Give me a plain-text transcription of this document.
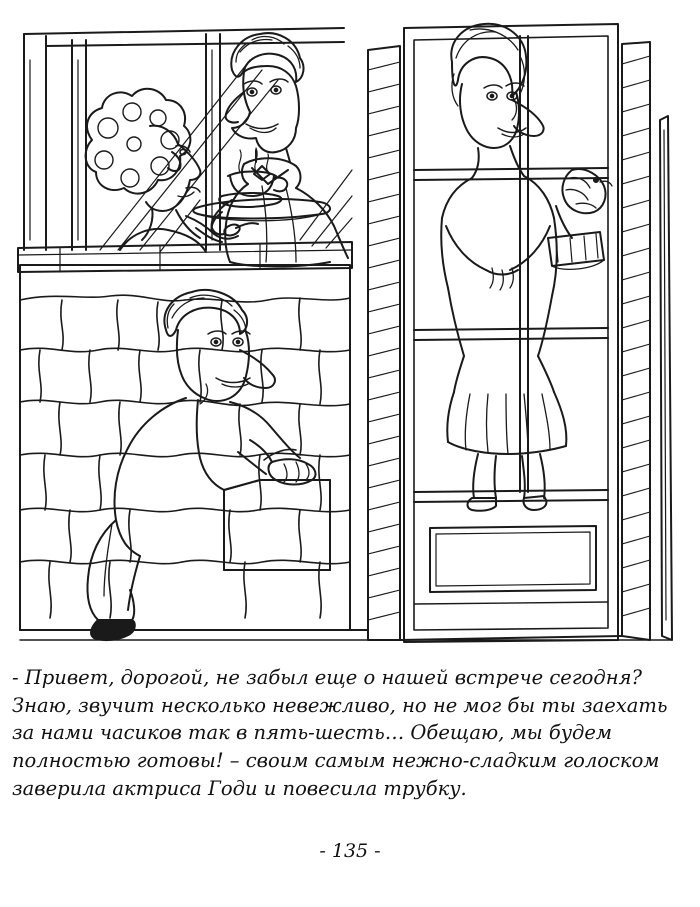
- Привет, дорогой, не забыл еще о нашей встрече сегодня? Знаю, звучит несколько невежливо, но не мог бы ты заехать за нами часиков так в пять-шесть… Обещаю, мы будем полностью готовы! – своим самым нежно-сладким голоском заверила актриса Годи и повесила трубку.

- 135 -
